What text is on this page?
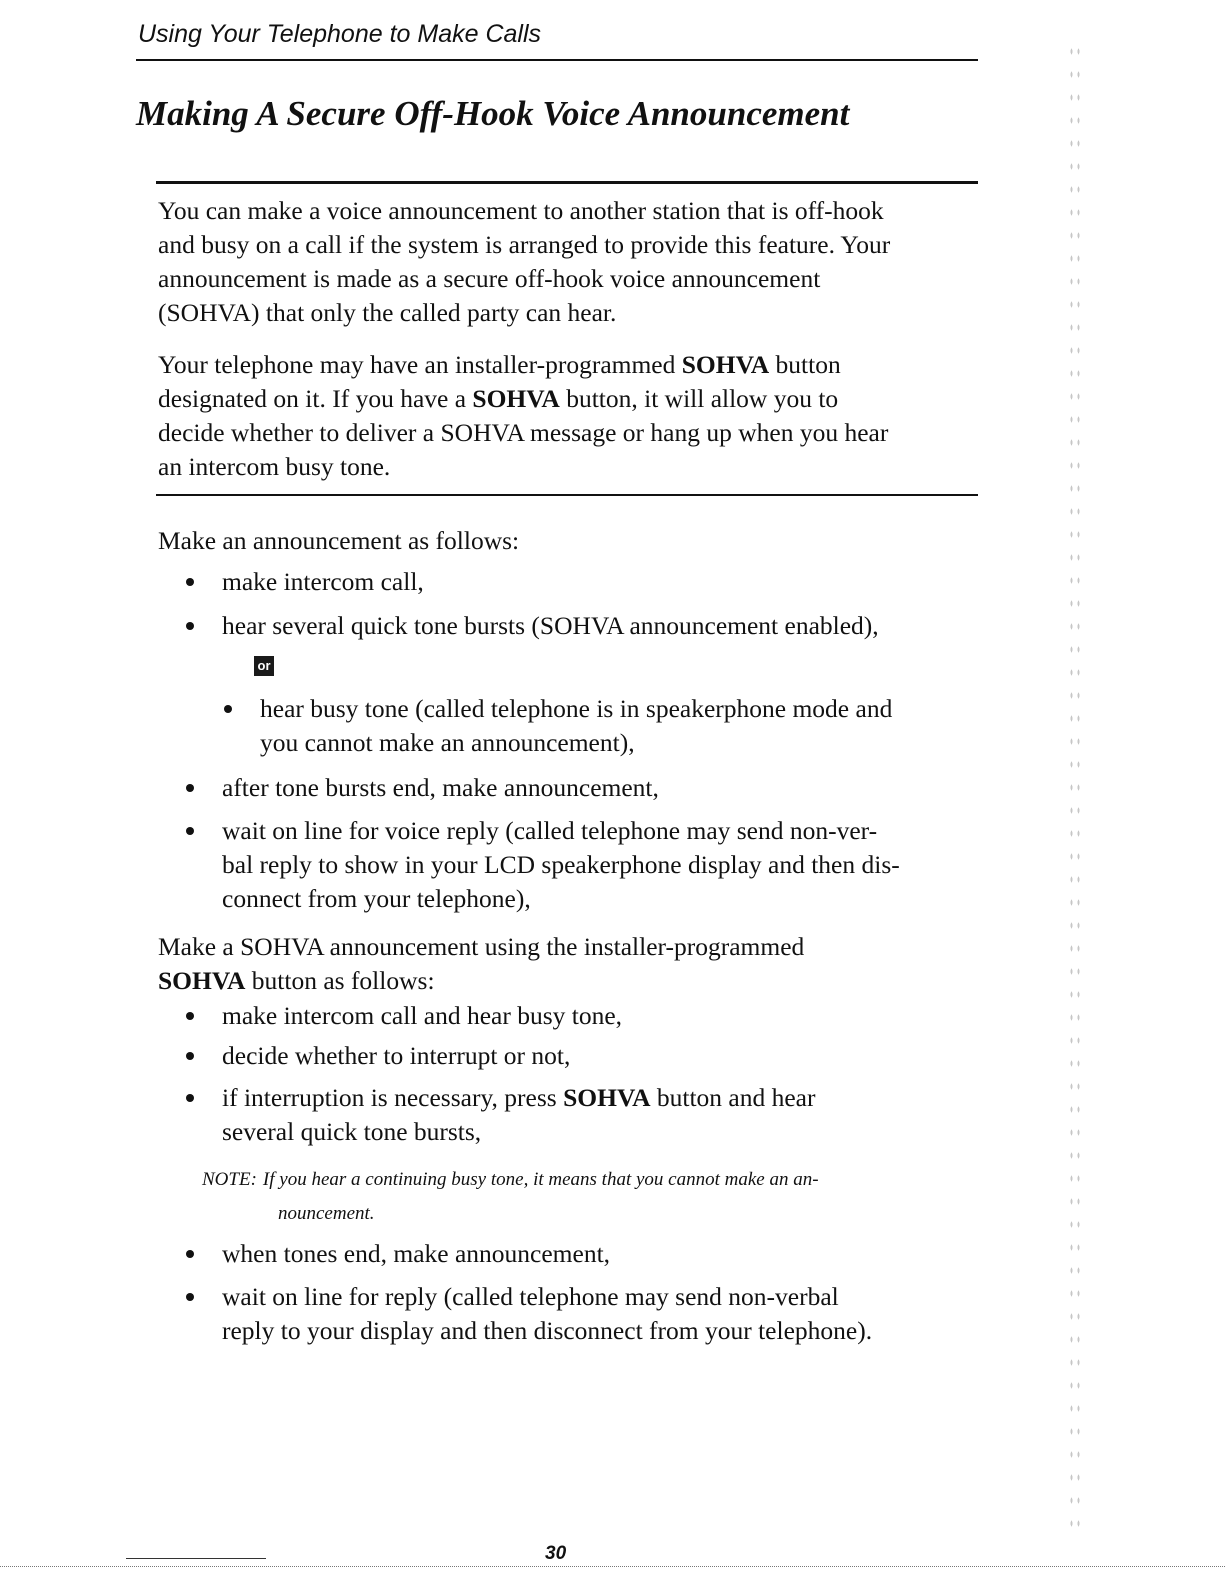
Using Your Telephone to Make Calls
Making A Secure Off-Hook Voice Announcement
You can make a voice announcement to another station that is off-hook
and busy on a call if the system is arranged to provide this feature. Your
announcement is made as a secure off-hook voice announcement
(SOHVA) that only the called party can hear.
Your telephone may have an installer-programmed SOHVA button
designated on it. If you have a SOHVA button, it will allow you to
decide whether to deliver a SOHVA message or hang up when you hear
an intercom busy tone.
Make an announcement as follows:
make intercom call,
hear several quick tone bursts (SOHVA announcement enabled),
or
hear busy tone (called telephone is in speakerphone mode and
you cannot make an announcement),
after tone bursts end, make announcement,
wait on line for voice reply (called telephone may send non-ver-
bal reply to show in your LCD speakerphone display and then dis-
connect from your telephone),
Make a SOHVA announcement using the installer-programmed
SOHVA button as follows:
make intercom call and hear busy tone,
decide whether to interrupt or not,
if interruption is necessary, press SOHVA button and hear
several quick tone bursts,
NOTE: If you hear a continuing busy tone, it means that you cannot make an an-
nouncement.
when tones end, make announcement,
wait on line for reply (called telephone may send non-verbal
reply to your display and then disconnect from your telephone).
30
